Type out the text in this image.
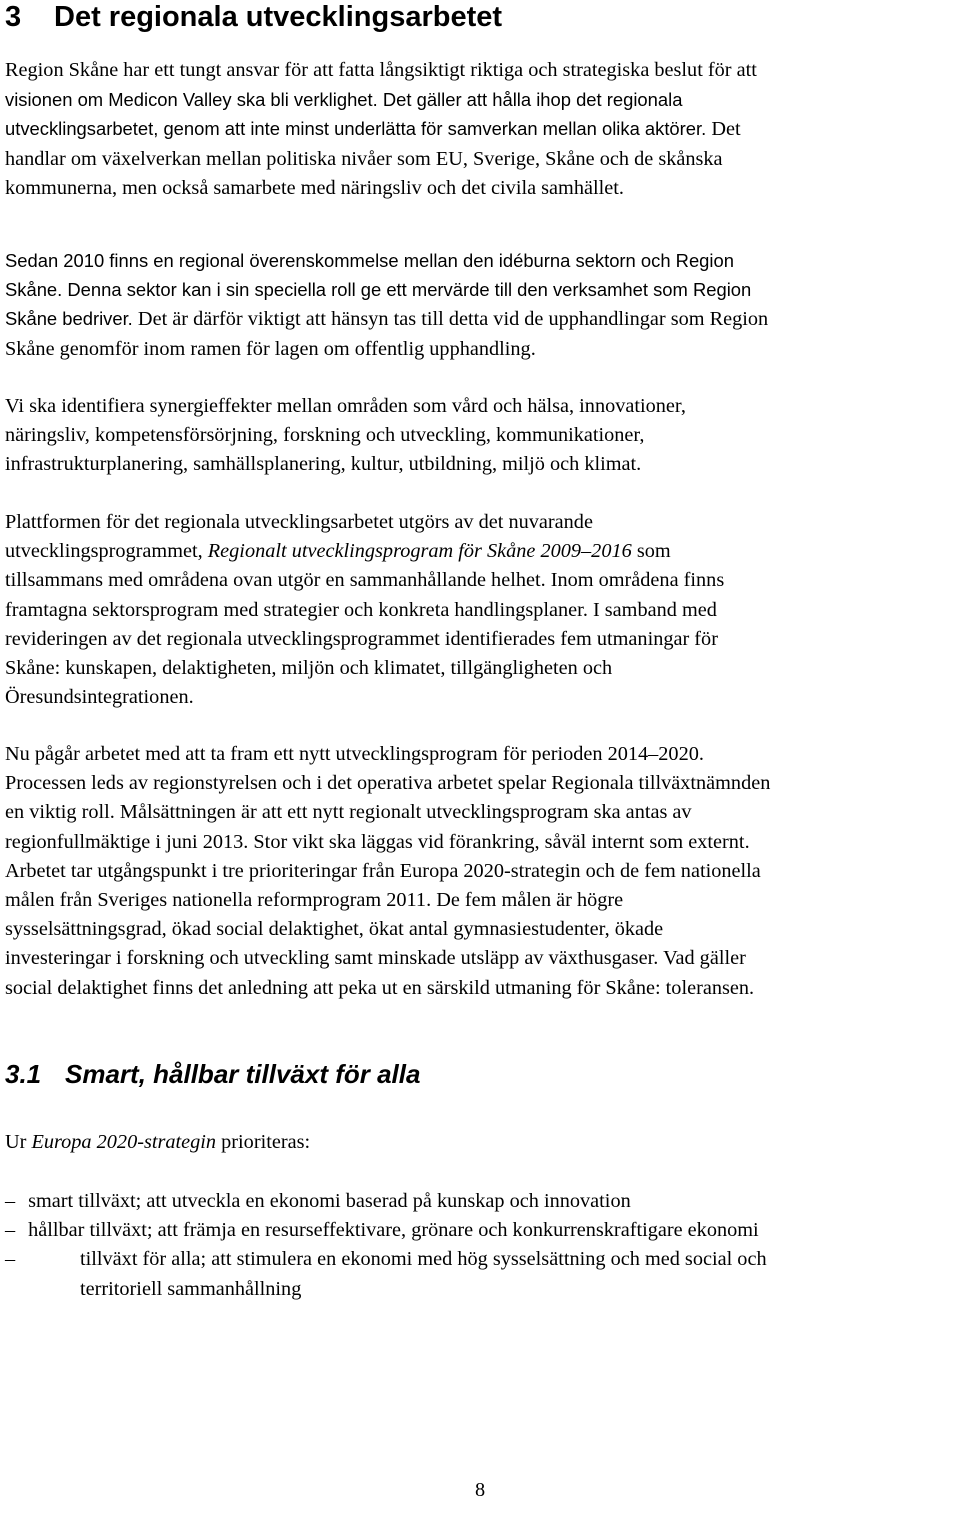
3 Det regionala utvecklingsarbetet

Region Skåne har ett tungt ansvar för att fatta långsiktigt riktiga och strategiska beslut för att
visionen om Medicon Valley ska bli verklighet. Det gäller att hålla ihop det regionala
utvecklingsarbetet, genom att inte minst underlätta för samverkan mellan olika aktörer. Det
handlar om växelverkan mellan politiska nivåer som EU, Sverige, Skåne och de skånska
kommunerna, men också samarbete med näringsliv och det civila samhället.

Sedan 2010 finns en regional överenskommelse mellan den idéburna sektorn och Region
Skåne. Denna sektor kan i sin speciella roll ge ett mervärde till den verksamhet som Region
Skåne bedriver. Det är därför viktigt att hänsyn tas till detta vid de upphandlingar som Region
Skåne genomför inom ramen för lagen om offentlig upphandling.

Vi ska identifiera synergieffekter mellan områden som vård och hälsa, innovationer,
näringsliv, kompetensförsörjning, forskning och utveckling, kommunikationer,
infrastrukturplanering, samhällsplanering, kultur, utbildning, miljö och klimat.

Plattformen för det regionala utvecklingsarbetet utgörs av det nuvarande
utvecklingsprogrammet, Regionalt utvecklingsprogram för Skåne 2009–2016 som
tillsammans med områdena ovan utgör en sammanhållande helhet. Inom områdena finns
framtagna sektorsprogram med strategier och konkreta handlingsplaner. I samband med
revideringen av det regionala utvecklingsprogrammet identifierades fem utmaningar för
Skåne: kunskapen, delaktigheten, miljön och klimatet, tillgängligheten och
Öresundsintegrationen.

Nu pågår arbetet med att ta fram ett nytt utvecklingsprogram för perioden 2014–2020.
Processen leds av regionstyrelsen och i det operativa arbetet spelar Regionala tillväxtnämnden
en viktig roll. Målsättningen är att ett nytt regionalt utvecklingsprogram ska antas av
regionfullmäktige i juni 2013. Stor vikt ska läggas vid förankring, såväl internt som externt.
Arbetet tar utgångspunkt i tre prioriteringar från Europa 2020-strategin och de fem nationella
målen från Sveriges nationella reformprogram 2011. De fem målen är högre
sysselsättningsgrad, ökad social delaktighet, ökat antal gymnasiestudenter, ökade
investeringar i forskning och utveckling samt minskade utsläpp av växthusgaser. Vad gäller
social delaktighet finns det anledning att peka ut en särskild utmaning för Skåne: toleransen.

3.1 Smart, hållbar tillväxt för alla

Ur Europa 2020-strategin prioriteras:

– smart tillväxt; att utveckla en ekonomi baserad på kunskap och innovation
– hållbar tillväxt; att främja en resurseffektivare, grönare och konkurrenskraftigare ekonomi
–	tillväxt för alla; att stimulera en ekonomi med hög sysselsättning och med social och
territoriell sammanhållning
8
